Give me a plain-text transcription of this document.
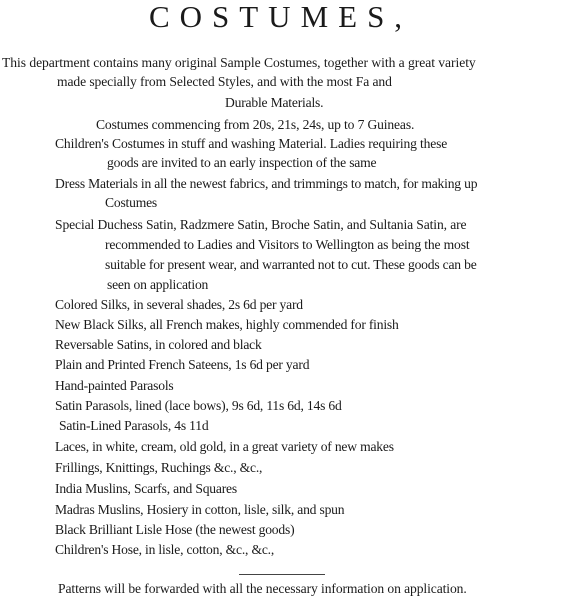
COSTUMES,
This department contains many original Sample Costumes, together with a great variety
made specially from Selected Styles, and with the most Fa and
Durable Materials.
Costumes commencing from 20s, 21s, 24s, up to 7 Guineas.
Children's Costumes in stuff and washing Material. Ladies requiring these
goods are invited to an early inspection of the same
Dress Materials in all the newest fabrics, and trimmings to match, for making up
Costumes
Special Duchess Satin, Radzmere Satin, Broche Satin, and Sultania Satin, are
recommended to Ladies and Visitors to Wellington as being the most
suitable for present wear, and warranted not to cut. These goods can be
seen on application
Colored Silks, in several shades, 2s 6d per yard
New Black Silks, all French makes, highly commended for finish
Reversable Satins, in colored and black
Plain and Printed French Sateens, 1s 6d per yard
Hand-painted Parasols
Satin Parasols, lined (lace bows), 9s 6d, 11s 6d, 14s 6d
Satin-Lined Parasols, 4s 11d
Laces, in white, cream, old gold, in a great variety of new makes
Frillings, Knittings, Ruchings &c., &c.,
India Muslins, Scarfs, and Squares
Madras Muslins, Hosiery in cotton, lisle, silk, and spun
Black Brilliant Lisle Hose (the newest goods)
Children's Hose, in lisle, cotton, &c., &c.,
Patterns will be forwarded with all the necessary information on application.
